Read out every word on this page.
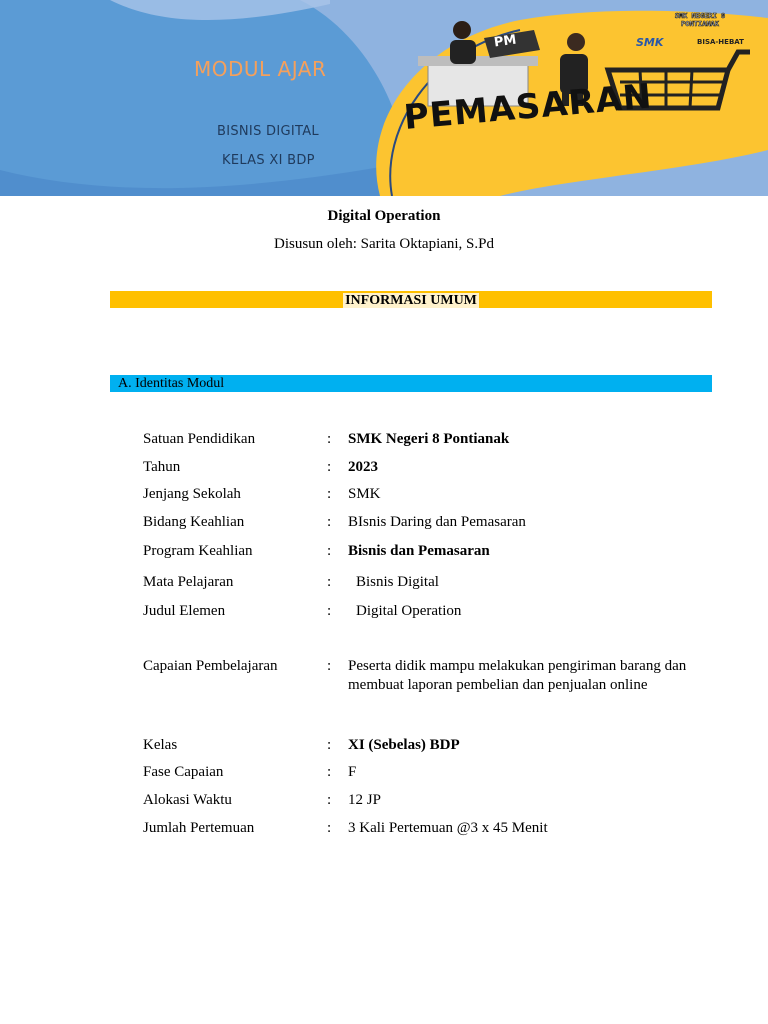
MODUL AJAR
BISNIS DIGITAL
KELAS XI BDP
SMK NEGERI 8
PONTIANAK
SMK	BISA-HEBAT
PM
PEMASARAN
Digital Operation
Disusun oleh: Sarita Oktapiani, S.Pd
INFORMASI UMUM
A. Identitas Modul
Satuan Pendidikan	: SMK Negeri 8 Pontianak
Tahun	: 2023
Jenjang Sekolah	: SMK
Bidang Keahlian	: BIsnis Daring dan Pemasaran
Program Keahlian	: Bisnis dan Pemasaran
Mata Pelajaran	: Bisnis Digital
Judul Elemen	: Digital Operation
Capaian Pembelajaran	: Peserta didik mampu melakukan pengiriman barang dan membuat laporan pembelian dan penjualan online
Kelas	: XI (Sebelas) BDP
Fase Capaian	: F
Alokasi Waktu	: 12 JP
Jumlah Pertemuan	: 3 Kali Pertemuan @3 x 45 Menit
